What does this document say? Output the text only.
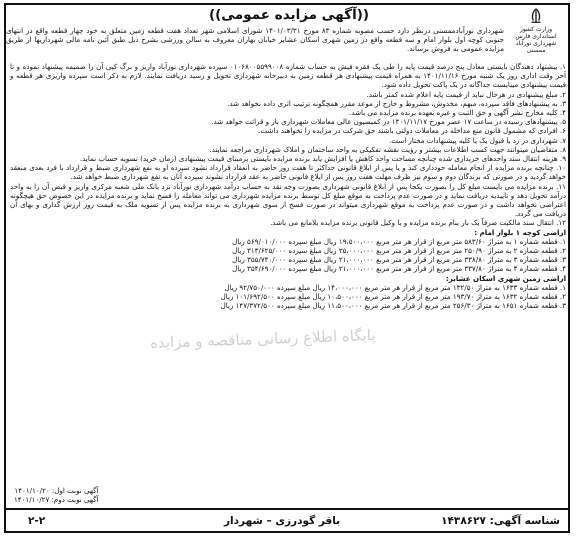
((آگهی مزایده عمومی))
وزارت کشور
استانداری فارس
شهرداری نورآباد ممسنی

شهرداری نورآبادممسنی درنظر دارد حسب مصوبه شماره ۸۳ مورخ ۱۴۰۱/۰۳/۳۱ شورای اسلامی شهر تعداد هفت قطعه زمین متعلق به خود چهار قطعه واقع در انتهای جنوبی کوچه اول بلوار امام و سه قطعه واقع در زمین شهری اسکان عشایر خیابان بهاران معروف به سالن ورزشی بشرح ذیل طبق آئین نامه مالی شهرداریها از طریق مزایده عمومی به فروش برساند.

۱. پیشنهاد دهندگان بایستی معادل پنج درصد قیمت پایه را طی یک فقره فیش به حساب شماره ۰۱۰۶۸۰۰۵۵۹۹۰۰۸ سپرده شهرداری نورآباد واریز و برگ کپی آن را ضمیمه پیشنهاد نموده و تا آخر وقت اداری روز یک شنبه مورخ ۱۴۰۱/۱۱/۱۶ به همراه قیمت پیشنهادی هر قطعه زمین به دبیرخانه شهرداری تحویل و رسید دریافت نمایند. لازم به ذکر است سپرده واریزی هر قطعه و قیمت پیشنهادی میبایست جداگانه در یک پاکت تحویل داده شود.

۲. مبلغ پیشنهادی در هرحال نباید از قیمت پایه اعلام شده کمتر باشد.

۳. به پیشنهادهای فاقد سپرده، مبهم، مخدوش، مشروط و خارج از موعد مقرر همچگونه ترتیب اثری داده نخواهد شد.

۴. کلیه مخارج نشر آگهی و حق الثبت و غیره بعهده برنده مزایده می باشد.

۵. پیشنهادهای رسیده در ساعت ۱۷ عصر مورخ ۱۴۰۱/۱۱/۱۷ در کمیسیون عالی معاملات شهرداری باز و قرائت خواهد شد.

۶. افرادی که مشمول قانون منع مداخله در معاملات دولتی باشند حق شرکت در مزایده را نخواهند داشت.

۷. شهرداری در رد یا قبول یک یا کلیه پیشنهادات مختار است.

۸. متقاضیان میتوانند جهت کسب اطلاعات بیشتر و رؤیت نقشه تفکیکی به واحد ساختمان و املاک شهرداری مراجعه نمایند.

۹. هزینه انتقال سند واحدهای خریداری شده چنانچه مساحت واحد کاهش یا افزایش یابد برنده مزایده بایستی برمبنای قیمت پیشنهادی (زمان خرید) تسویه حساب نماید.

۱۰. چنانچه برنده مزایده از انجام معامله خودداری کند و یا پس از ابلاغ قانونی حداکثر تا هفت روز حاضر به انعقاد قرارداد نشود سپرده او به نفع شهرداری ضبط و قرارداد با فرد بعدی منعقد خواهد گردید و در صورتی که برندگان دوم و سوم نیز ظرف مهلت هفت روز پس از ابلاغ قانونی حاضر به عقد قرارداد نشوند سپرده آنان به نفع شهرداری ضبط خواهد شد.

۱۱. برنده مزایده می بایست مبلغ کل را بصورت یکجا پس از ابلاغ قانونی شهرداری بصورت وجه نقد به حساب درآمد شهرداری نورآباد نزد بانک ملی شعبه مرکزی واریز و قبض آن را به واحد درآمد تحویل دهد و تاییدیه دریافت نماید و در صورت عدم پرداخت به موقع مبلغ کل توسط برنده مزایده شهرداری می تواند معامله را فسخ نماید و برنده مزایده در این خصوص حق هیچگونه اعتراضی نخواهد داشت و در صورت عدم پرداخت به موقع شهرداری میتواند در صورت فسخ از سوی شهرداری به برنده مزایده پس از تسویه ملک به قیمت روز ارزش گذاری و بهای آن دریافت می گردد.

۱۲. انتقال سند مالکیت صرفاً یک بار بنام برنده مزایده و یا وکیل قانونی برنده مزایده بلامانع می باشد.

اراضی کوچه ۱ بلوار امام :

۱. قطعه شماره ۱ به متراژ ۵۸۳/۶۰ متر مربع از قرار هر متر مربع ۱۹،۵۰۰،۰۰۰ ریال مبلغ سپرده ۵۶۹/۰۱۰/۰۰۰ ریال

۲. قطعه شماره ۲ به متراژ ۲۵۰/۹۰ متر مربع از قرار هر متر مربع ۲۵،۰۰۰،۰۰۰ ریال مبلغ سپرده ۳۱۳/۶۲۵/۰۰۰ ریال

۳. قطعه شماره ۳ به متراژ ۳۳۸/۸۰ متر مربع از قرار هر متر مربع ۲۱،۰۰۰،۰۰۰ ریال مبلغ سپرده ۳۵۵/۷۴۰/۰۰۰ ریال

۴. قطعه شماره ۴ به متراژ ۳۳۷/۸۰ متر مربع از قرار هر متر مربع ۲۱،۰۰۰،۰۰۰ ریال مبلغ سپرده ۳۵۴/۶۹۰/۰۰۰ ریال

اراضی زمین شهری اسکان عشایر:

۱. قطعه شماره ۱۶۳۳ به متراژ ۱۳۲/۵۰ متر مربع از قرار هر متر مربع ۱۴،۰۰۰،۰۰۰ ریال مبلغ سپرده ۹۲/۷۵۰/۰۰۰ ریال

۲. قطعه شماره ۱۶۳۲ به متراژ ۱۹۳/۷۰ متر مربع از قرار هر متر مربع ۱۰،۵۰۰،۰۰۰ ریال مبلغ سپرده ۱۰۱/۶۹۲/۵۰۰ ریال

۳. قطعه شماره ۱۶۵۱ به متراژ ۲۵۶/۳۰ متر مربع از قرار هر متر مربع ۱۱،۵۰۰،۰۰۰ ریال مبلغ سپرده ۱۴۷/۳۷۲/۵۰۰ ریال

پایگاه اطلاع رسانی مناقصه و مزایده
آگهی نوبت اول: ۱۴۰۱/۱۰/۲۰
آگهی نوبت دوم: ۱۴۰۱/۱۰/۲۷
شناسه آگهی: ۱۴۳۸۶۲۷
باقر گودرزی – شهردار
۲-۲
